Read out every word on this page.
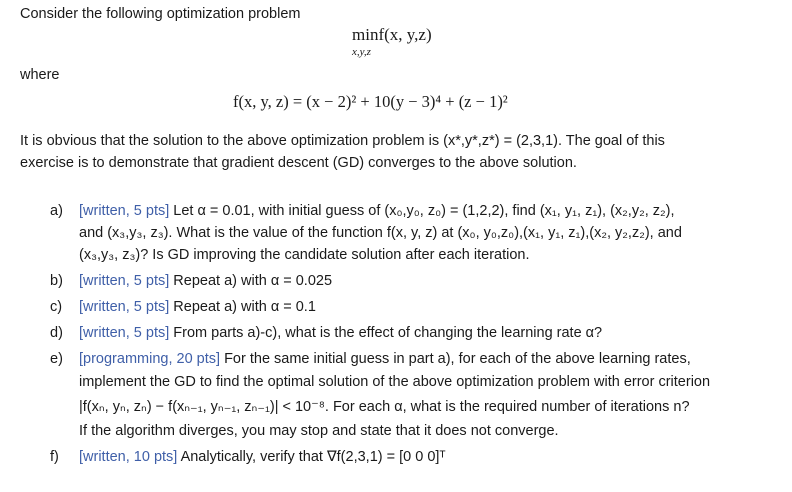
Consider the following optimization problem
minf(x, y,z)
x,y,z
where
f(x, y, z) = (x − 2)² + 10(y − 3)⁴ + (z − 1)²
It is obvious that the solution to the above optimization problem is (x*,y*,z*) = (2,3,1). The goal of this
exercise is to demonstrate that gradient descent (GD) converges to the above solution.
a) [written, 5 pts] Let α = 0.01, with initial guess of (x₀,y₀, z₀) = (1,2,2), find (x₁, y₁, z₁), (x₂,y₂, z₂),
and (x₃,y₃, z₃). What is the value of the function f(x, y, z) at (x₀, y₀,z₀),(x₁, y₁, z₁),(x₂, y₂,z₂), and
(x₃,y₃, z₃)? Is GD improving the candidate solution after each iteration.
b) [written, 5 pts] Repeat a) with α = 0.025
c) [written, 5 pts] Repeat a) with α = 0.1
d) [written, 5 pts] From parts a)-c), what is the effect of changing the learning rate α?
e) [programming, 20 pts] For the same initial guess in part a), for each of the above learning rates,
implement the GD to find the optimal solution of the above optimization problem with error criterion
|f(xₙ, yₙ, zₙ) − f(xₙ₋₁, yₙ₋₁, zₙ₋₁)| < 10⁻⁸. For each α, what is the required number of iterations n?
If the algorithm diverges, you may stop and state that it does not converge.
f) [written, 10 pts] Analytically, verify that ∇f(2,3,1) = [0 0 0]ᵀ
